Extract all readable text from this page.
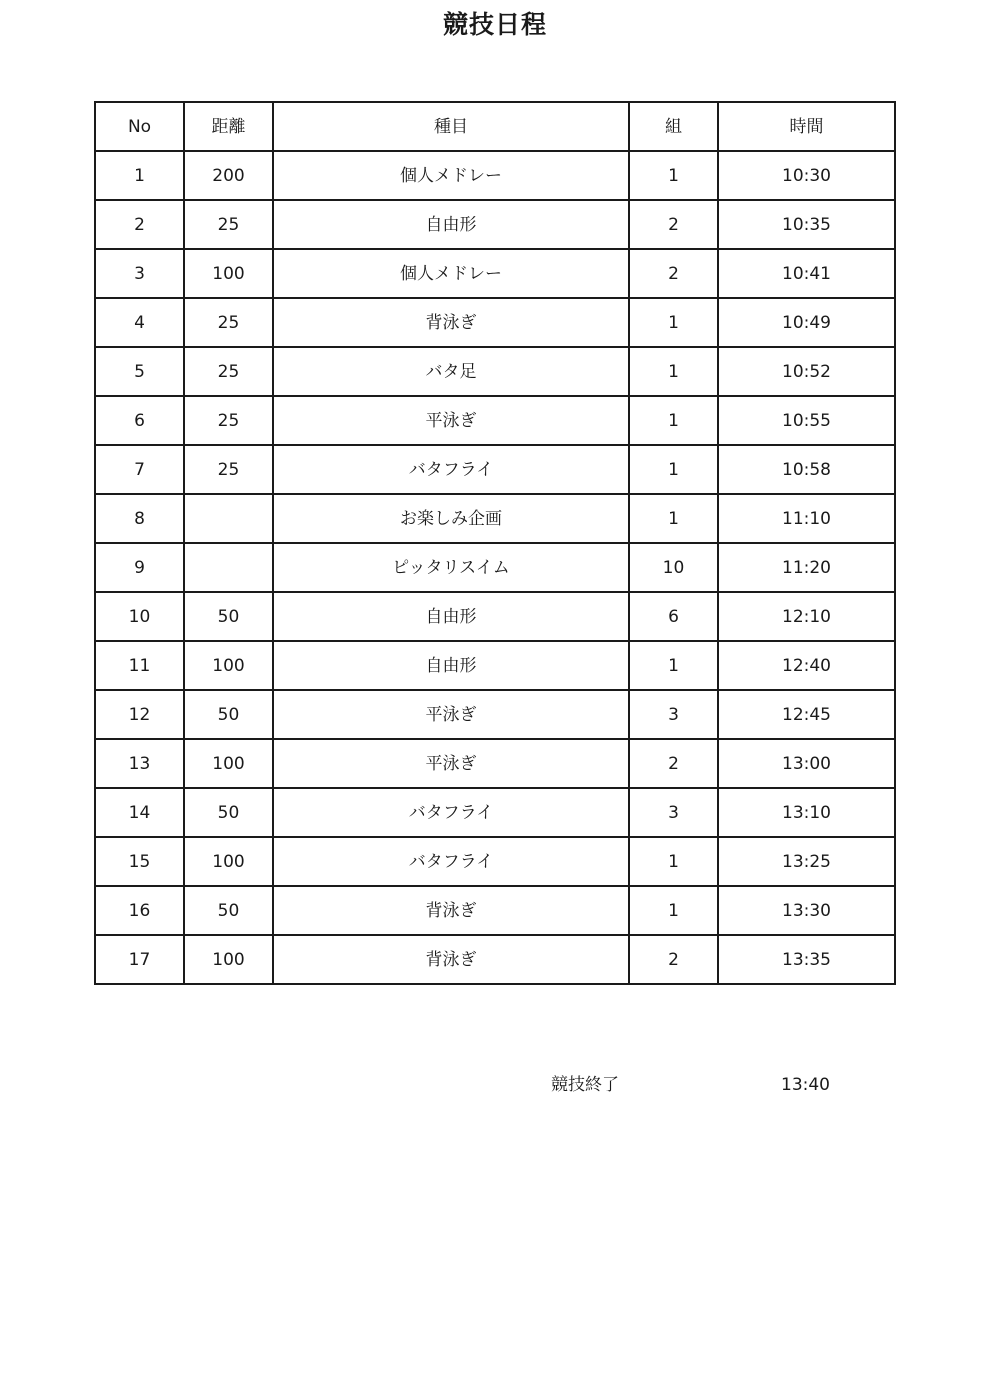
競技日程
No	距離	種目	組	時間
1	200	個人メドレー	1	10:30
2	25	自由形	2	10:35
3	100	個人メドレー	2	10:41
4	25	背泳ぎ	1	10:49
5	25	バタ足	1	10:52
6	25	平泳ぎ	1	10:55
7	25	バタフライ	1	10:58
8		お楽しみ企画	1	11:10
9		ピッタリスイム	10	11:20
10	50	自由形	6	12:10
11	100	自由形	1	12:40
12	50	平泳ぎ	3	12:45
13	100	平泳ぎ	2	13:00
14	50	バタフライ	3	13:10
15	100	バタフライ	1	13:25
16	50	背泳ぎ	1	13:30
17	100	背泳ぎ	2	13:35
競技終了	13:40
